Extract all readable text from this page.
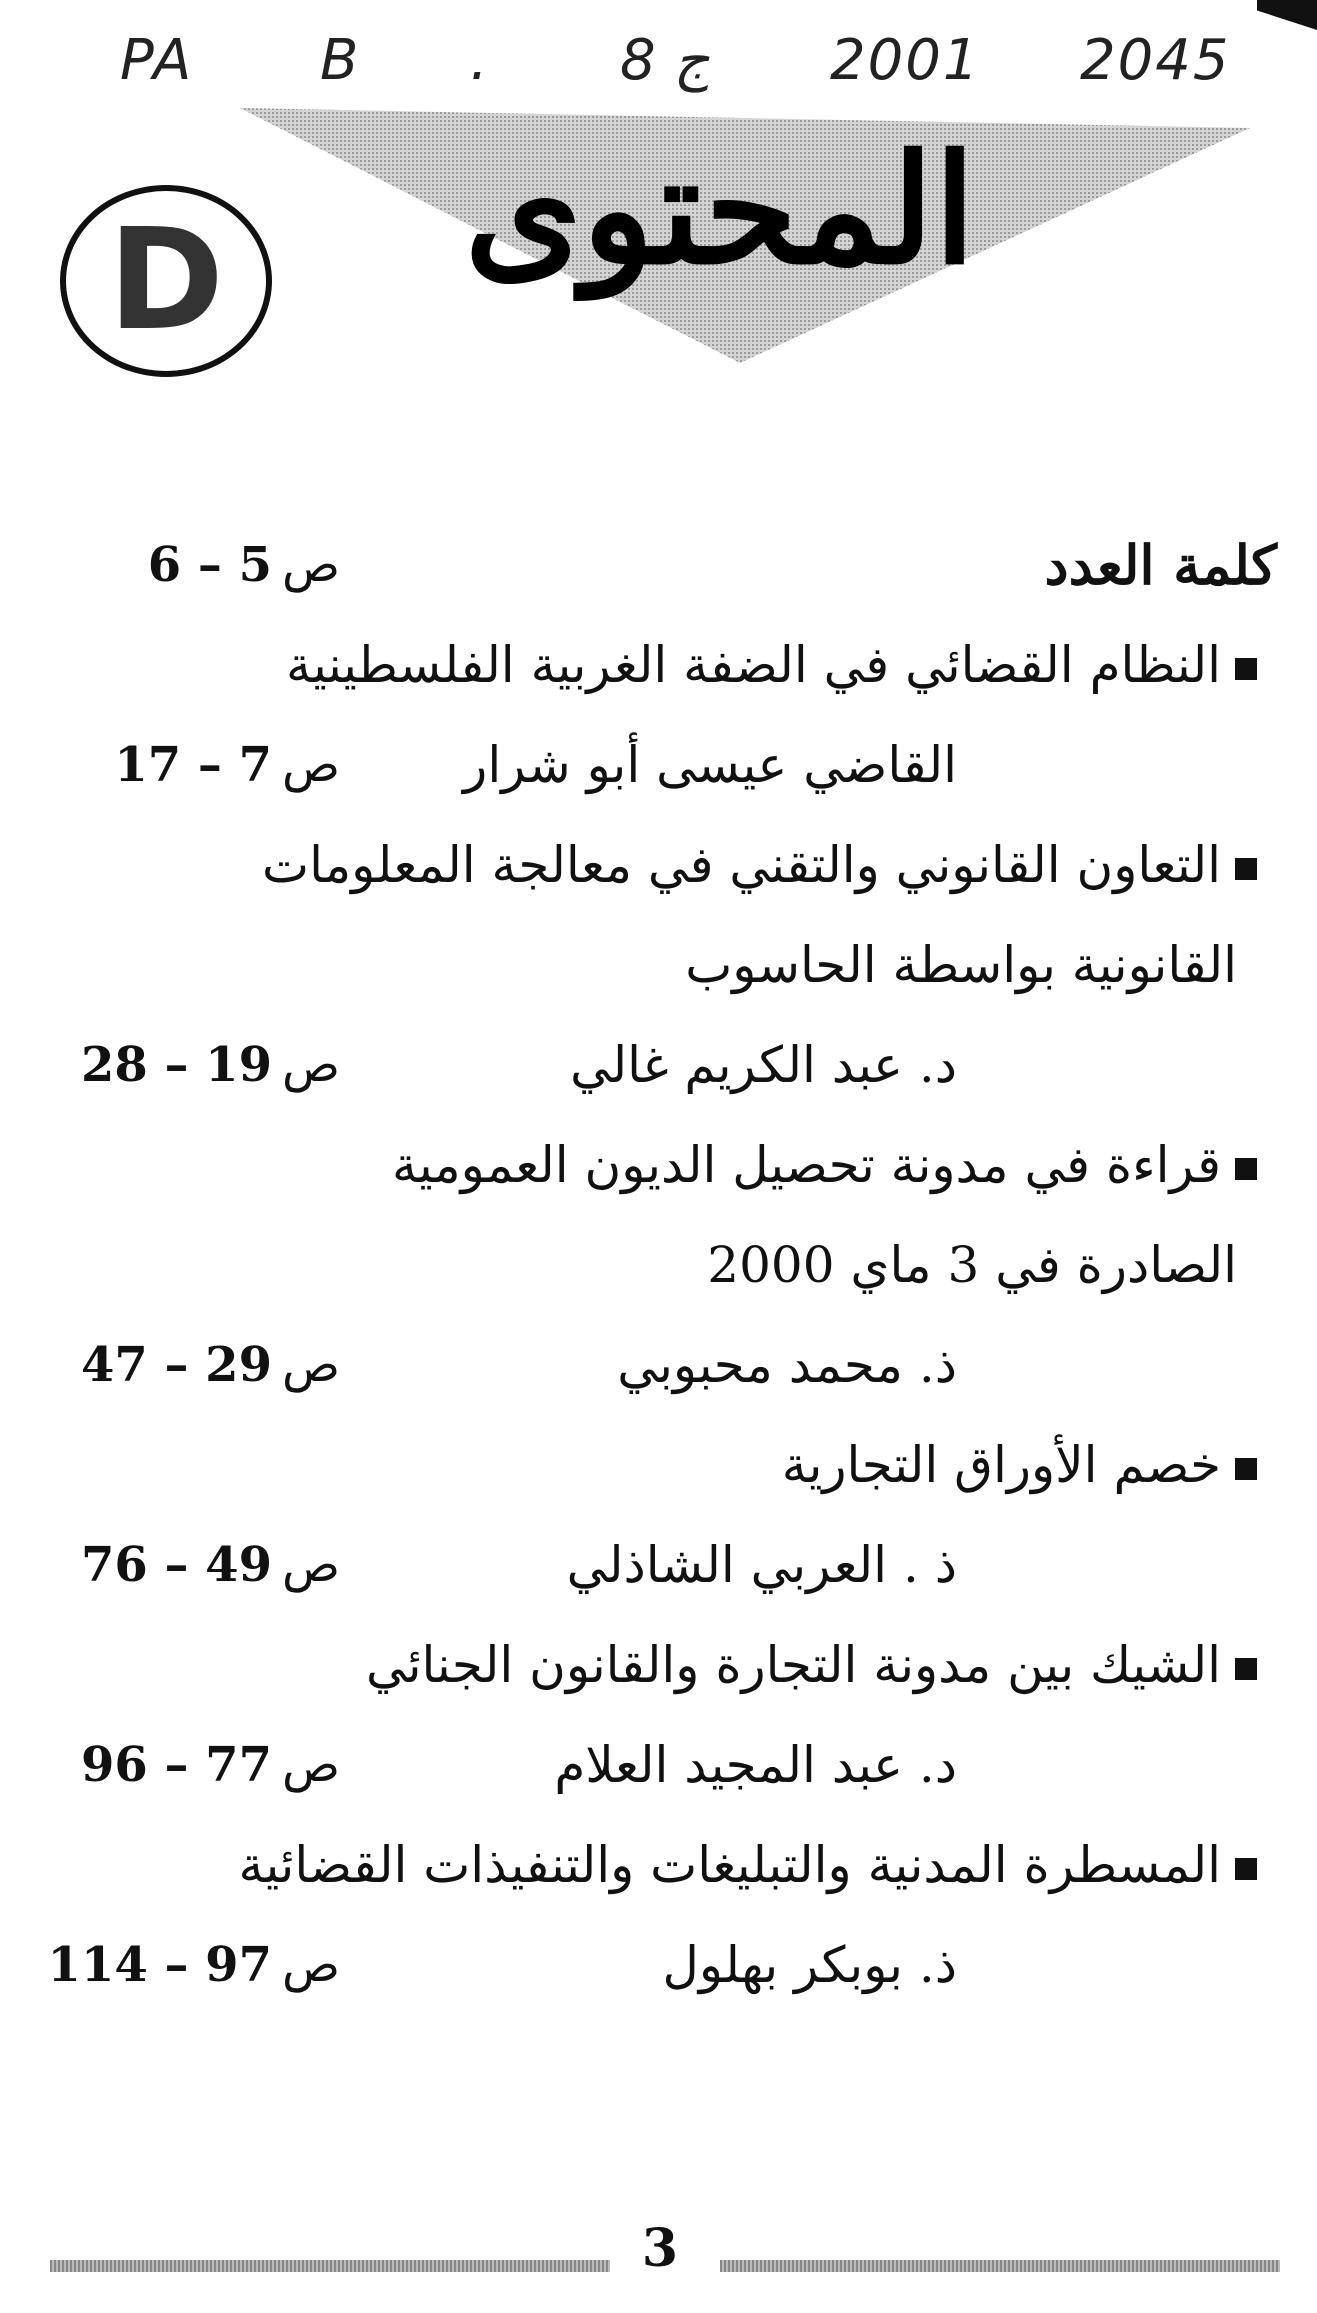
PA B . 8 ج 2001 2045
المحتوى
D
كلمة العدد
ص5 – 6
النظام القضائي في الضفة الغربية الفلسطينية
القاضي عيسى أبو شرار
ص7 – 17
التعاون القانوني والتقني في معالجة المعلومات
القانونية بواسطة الحاسوب
د. عبد الكريم غالي
ص19 – 28
قراءة في مدونة تحصيل الديون العمومية
الصادرة في 3 ماي 2000
ذ. محمد محبوبي
ص29 – 47
خصم الأوراق التجارية
ذ . العربي الشاذلي
ص49 – 76
الشيك بين مدونة التجارة والقانون الجنائي
د. عبد المجيد العلام
ص77 – 96
المسطرة المدنية والتبليغات والتنفيذات القضائية
ذ. بوبكر بهلول
ص97 – 114
3
